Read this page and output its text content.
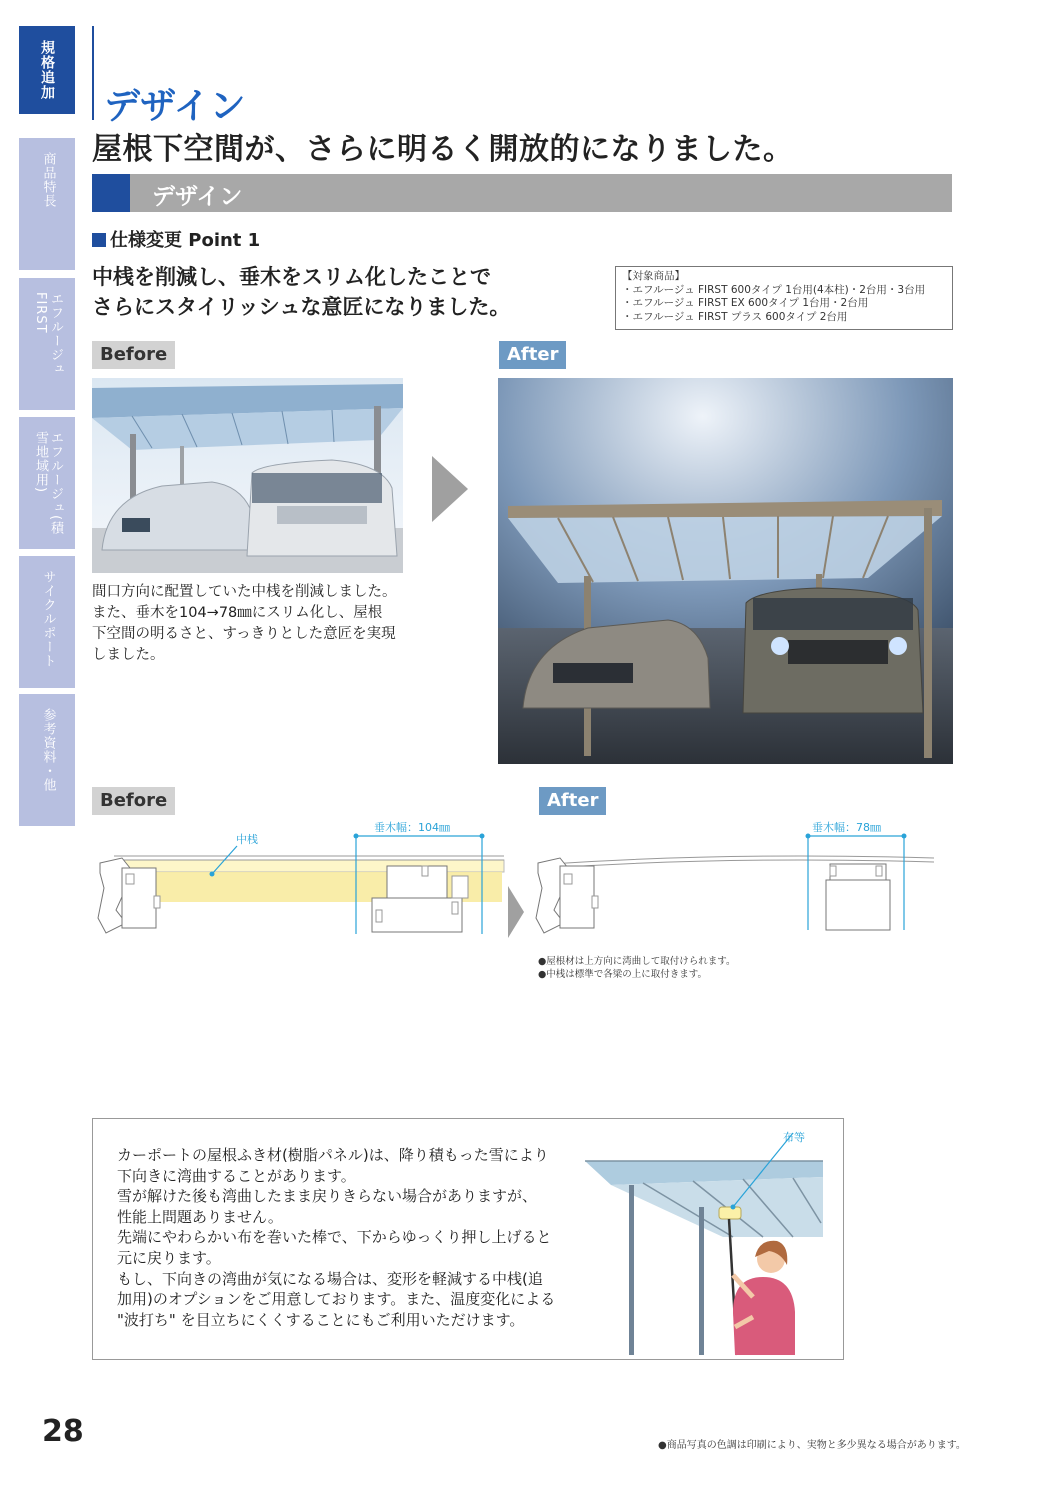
規格追加
商品特長
エフルージュFIRST
エフルージュ(積雪地域用)
サイクルポート
参考資料・他
デザイン
屋根下空間が、さらに明るく開放的になりました。
デザイン
仕様変更 Point 1
中桟を削減し、垂木をスリム化したことで
さらにスタイリッシュな意匠になりました。
【対象商品】
・エフルージュ FIRST 600タイプ 1台用(4本柱)・2台用・3台用
・エフルージュ FIRST EX 600タイプ 1台用・2台用
・エフルージュ FIRST プラス 600タイプ 2台用
Before	After
間口方向に配置していた中桟を削減しました。
また、垂木を104→78㎜にスリム化し、屋根
下空間の明るさと、すっきりとした意匠を実現
しました。
Before	After
中桟
垂木幅：104㎜	垂木幅：78㎜
●屋根材は上方向に湾曲して取付けられます。
●中桟は標準で各梁の上に取付きます。
カーポートの屋根ふき材(樹脂パネル)は、降り積もった雪により
下向きに湾曲することがあります。
雪が解けた後も湾曲したまま戻りきらない場合がありますが、
性能上問題ありません。
先端にやわらかい布を巻いた棒で、下からゆっくり押し上げると
元に戻ります。
もし、下向きの湾曲が気になる場合は、変形を軽減する中桟(追
加用)のオプションをご用意しております。また、温度変化による
"波打ち" を目立ちにくくすることにもご利用いただけます。
布等
28	●商品写真の色調は印刷により、実物と多少異なる場合があります。
